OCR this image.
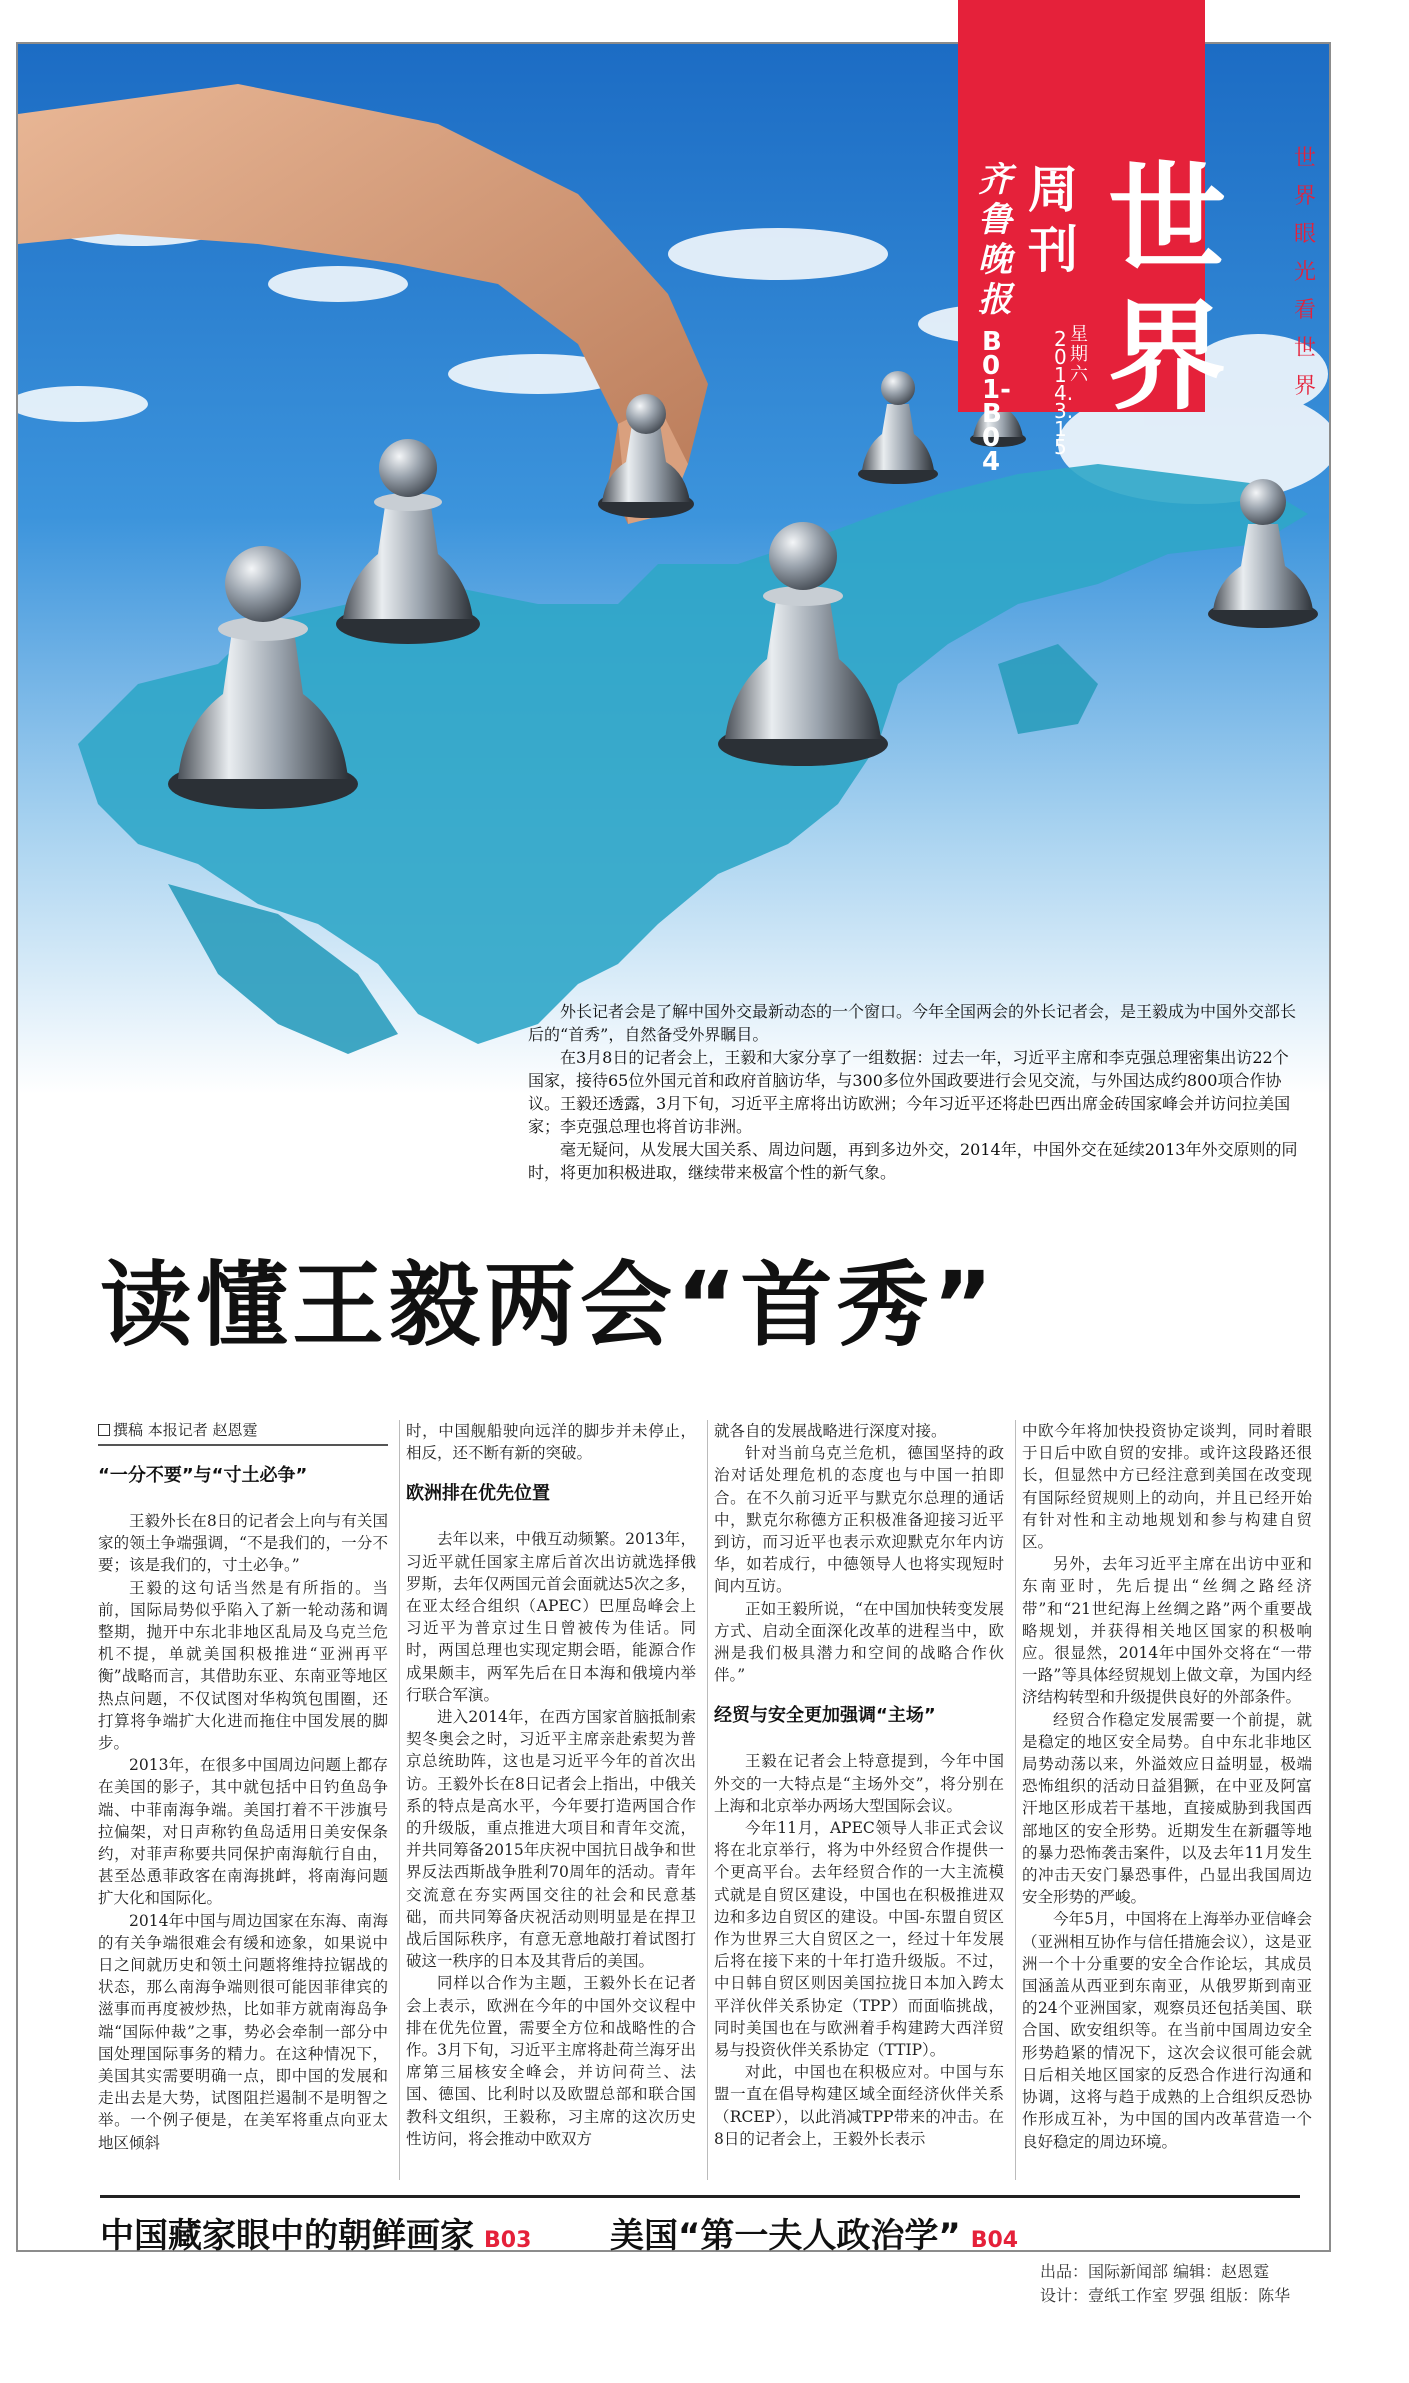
齐鲁晚报
周刊 世
界
B01-B04
2014.3.15
星期六
世
界
眼
光
看
世
界

外长记者会是了解中国外交最新动态的一个窗口。今年全国两会的外长记者会，是王毅成为中国外交部长后的“首秀”，自然备受外界瞩目。

在3月8日的记者会上，王毅和大家分享了一组数据：过去一年，习近平主席和李克强总理密集出访22个国家，接待65位外国元首和政府首脑访华，与300多位外国政要进行会见交流，与外国达成约800项合作协议。王毅还透露，3月下旬，习近平主席将出访欧洲；今年习近平还将赴巴西出席金砖国家峰会并访问拉美国家；李克强总理也将首访非洲。

毫无疑问，从发展大国关系、周边问题，再到多边外交，2014年，中国外交在延续2013年外交原则的同时，将更加积极进取，继续带来极富个性的新气象。

读懂王毅两会“首秀”
撰稿 本报记者 赵恩霆

“一分不要”与“寸土必争”

王毅外长在8日的记者会上向与有关国家的领土争端强调，“不是我们的，一分不要；该是我们的，寸土必争。”

王毅的这句话当然是有所指的。当前，国际局势似乎陷入了新一轮动荡和调整期，抛开中东北非地区乱局及乌克兰危机不提，单就美国积极推进“亚洲再平衡”战略而言，其借助东亚、东南亚等地区热点问题，不仅试图对华构筑包围圈，还打算将争端扩大化进而拖住中国发展的脚步。

2013年，在很多中国周边问题上都存在美国的影子，其中就包括中日钓鱼岛争端、中菲南海争端。美国打着不干涉旗号拉偏架，对日声称钓鱼岛适用日美安保条约，对菲声称要共同保护南海航行自由，甚至怂恿菲政客在南海挑衅，将南海问题扩大化和国际化。

2014年中国与周边国家在东海、南海的有关争端很难会有缓和迹象，如果说中日之间就历史和领土问题将维持拉锯战的状态，那么南海争端则很可能因菲律宾的滋事而再度被炒热，比如菲方就南海岛争端“国际仲裁”之事，势必会牵制一部分中国处理国际事务的精力。在这种情况下，美国其实需要明确一点，即中国的发展和走出去是大势，试图阻拦遏制不是明智之举。一个例子便是，在美军将重点向亚太地区倾斜

时，中国舰船驶向远洋的脚步并未停止，相反，还不断有新的突破。

欧洲排在优先位置

去年以来，中俄互动频繁。2013年，习近平就任国家主席后首次出访就选择俄罗斯，去年仅两国元首会面就达5次之多，在亚太经合组织（APEC）巴厘岛峰会上习近平为普京过生日曾被传为佳话。同时，两国总理也实现定期会晤，能源合作成果颇丰，两军先后在日本海和俄境内举行联合军演。

进入2014年，在西方国家首脑抵制索契冬奥会之时，习近平主席亲赴索契为普京总统助阵，这也是习近平今年的首次出访。王毅外长在8日记者会上指出，中俄关系的特点是高水平，今年要打造两国合作的升级版，重点推进大项目和青年交流，并共同筹备2015年庆祝中国抗日战争和世界反法西斯战争胜利70周年的活动。青年交流意在夯实两国交往的社会和民意基础，而共同筹备庆祝活动则明显是在捍卫战后国际秩序，有意无意地敲打着试图打破这一秩序的日本及其背后的美国。

同样以合作为主题，王毅外长在记者会上表示，欧洲在今年的中国外交议程中排在优先位置，需要全方位和战略性的合作。3月下旬，习近平主席将赴荷兰海牙出席第三届核安全峰会，并访问荷兰、法国、德国、比利时以及欧盟总部和联合国教科文组织，王毅称，习主席的这次历史性访问，将会推动中欧双方

就各自的发展战略进行深度对接。

针对当前乌克兰危机，德国坚持的政治对话处理危机的态度也与中国一拍即合。在不久前习近平与默克尔总理的通话中，默克尔称德方正积极准备迎接习近平到访，而习近平也表示欢迎默克尔年内访华，如若成行，中德领导人也将实现短时间内互访。

正如王毅所说，“在中国加快转变发展方式、启动全面深化改革的进程当中，欧洲是我们极具潜力和空间的战略合作伙伴。”

经贸与安全更加强调“主场”

王毅在记者会上特意提到，今年中国外交的一大特点是“主场外交”，将分别在上海和北京举办两场大型国际会议。

今年11月，APEC领导人非正式会议将在北京举行，将为中外经贸合作提供一个更高平台。去年经贸合作的一大主流模式就是自贸区建设，中国也在积极推进双边和多边自贸区的建设。中国-东盟自贸区作为世界三大自贸区之一，经过十年发展后将在接下来的十年打造升级版。不过，中日韩自贸区则因美国拉拢日本加入跨太平洋伙伴关系协定（TPP）而面临挑战，同时美国也在与欧洲着手构建跨大西洋贸易与投资伙伴关系协定（TTIP）。

对此，中国也在积极应对。中国与东盟一直在倡导构建区域全面经济伙伴关系（RCEP），以此消减TPP带来的冲击。在8日的记者会上，王毅外长表示

中欧今年将加快投资协定谈判，同时着眼于日后中欧自贸的安排。或许这段路还很长，但显然中方已经注意到美国在改变现有国际经贸规则上的动向，并且已经开始有针对性和主动地规划和参与构建自贸区。

另外，去年习近平主席在出访中亚和东南亚时，先后提出“丝绸之路经济带”和“21世纪海上丝绸之路”两个重要战略规划，并获得相关地区国家的积极响应。很显然，2014年中国外交将在“一带一路”等具体经贸规划上做文章，为国内经济结构转型和升级提供良好的外部条件。

经贸合作稳定发展需要一个前提，就是稳定的地区安全局势。自中东北非地区局势动荡以来，外溢效应日益明显，极端恐怖组织的活动日益猖獗，在中亚及阿富汗地区形成若干基地，直接威胁到我国西部地区的安全形势。近期发生在新疆等地的暴力恐怖袭击案件，以及去年11月发生的冲击天安门暴恐事件，凸显出我国周边安全形势的严峻。

今年5月，中国将在上海举办亚信峰会（亚洲相互协作与信任措施会议），这是亚洲一个十分重要的安全合作论坛，其成员国涵盖从西亚到东南亚，从俄罗斯到南亚的24个亚洲国家，观察员还包括美国、联合国、欧安组织等。在当前中国周边安全形势趋紧的情况下，这次会议很可能会就日后相关地区国家的反恐合作进行沟通和协调，这将与趋于成熟的上合组织反恐协作形成互补，为中国的国内改革营造一个良好稳定的周边环境。

中国藏家眼中的朝鲜画家 B03 美国“第一夫人政治学” B04
出品：国际新闻部 编辑：赵恩霆
设计：壹纸工作室 罗强 组版：陈华
